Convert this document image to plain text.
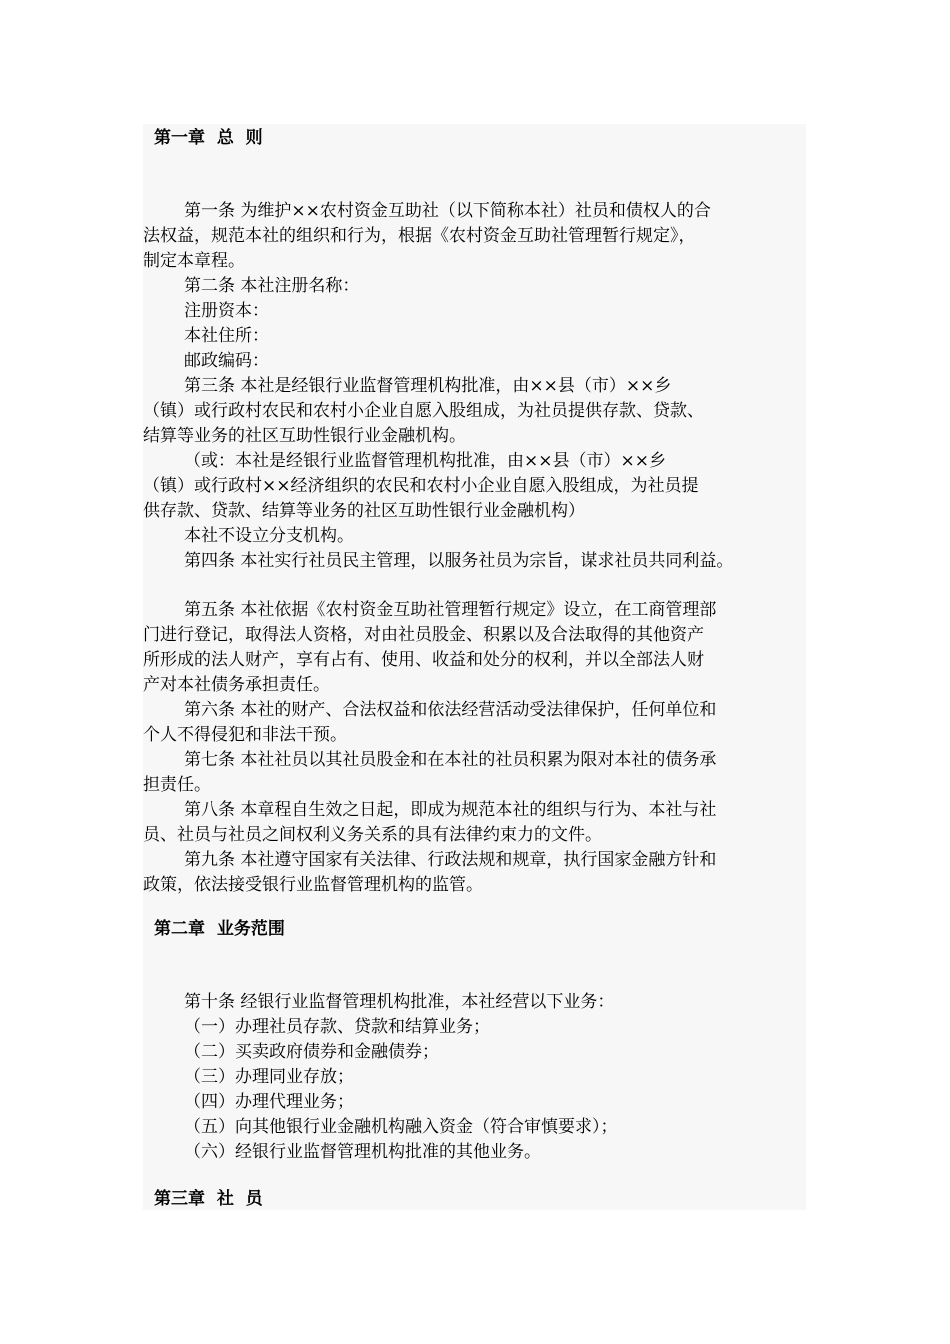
第一章  总  则

第一条 为维护××农村资金互助社（以下简称本社）社员和债权人的合

法权益，规范本社的组织和行为，根据《农村资金互助社管理暂行规定》，

制定本章程。

第二条 本社注册名称：

注册资本：

本社住所：

邮政编码：

第三条 本社是经银行业监督管理机构批准，由××县（市）××乡

（镇）或行政村农民和农村小企业自愿入股组成，为社员提供存款、贷款、

结算等业务的社区互助性银行业金融机构。

（或：本社是经银行业监督管理机构批准，由××县（市）××乡

（镇）或行政村××经济组织的农民和农村小企业自愿入股组成，为社员提

供存款、贷款、结算等业务的社区互助性银行业金融机构）

本社不设立分支机构。

第四条 本社实行社员民主管理，以服务社员为宗旨，谋求社员共同利益。

第五条 本社依据《农村资金互助社管理暂行规定》设立，在工商管理部

门进行登记，取得法人资格，对由社员股金、积累以及合法取得的其他资产

所形成的法人财产，享有占有、使用、收益和处分的权利，并以全部法人财

产对本社债务承担责任。

第六条 本社的财产、合法权益和依法经营活动受法律保护，任何单位和

个人不得侵犯和非法干预。

第七条 本社社员以其社员股金和在本社的社员积累为限对本社的债务承

担责任。

第八条 本章程自生效之日起，即成为规范本社的组织与行为、本社与社

员、社员与社员之间权利义务关系的具有法律约束力的文件。

第九条 本社遵守国家有关法律、行政法规和规章，执行国家金融方针和

政策，依法接受银行业监督管理机构的监管。

第二章  业务范围

第十条 经银行业监督管理机构批准，本社经营以下业务：

（一）办理社员存款、贷款和结算业务；

（二）买卖政府债券和金融债券；

（三）办理同业存放；

（四）办理代理业务；

（五）向其他银行业金融机构融入资金（符合审慎要求）；

（六）经银行业监督管理机构批准的其他业务。

第三章  社  员
